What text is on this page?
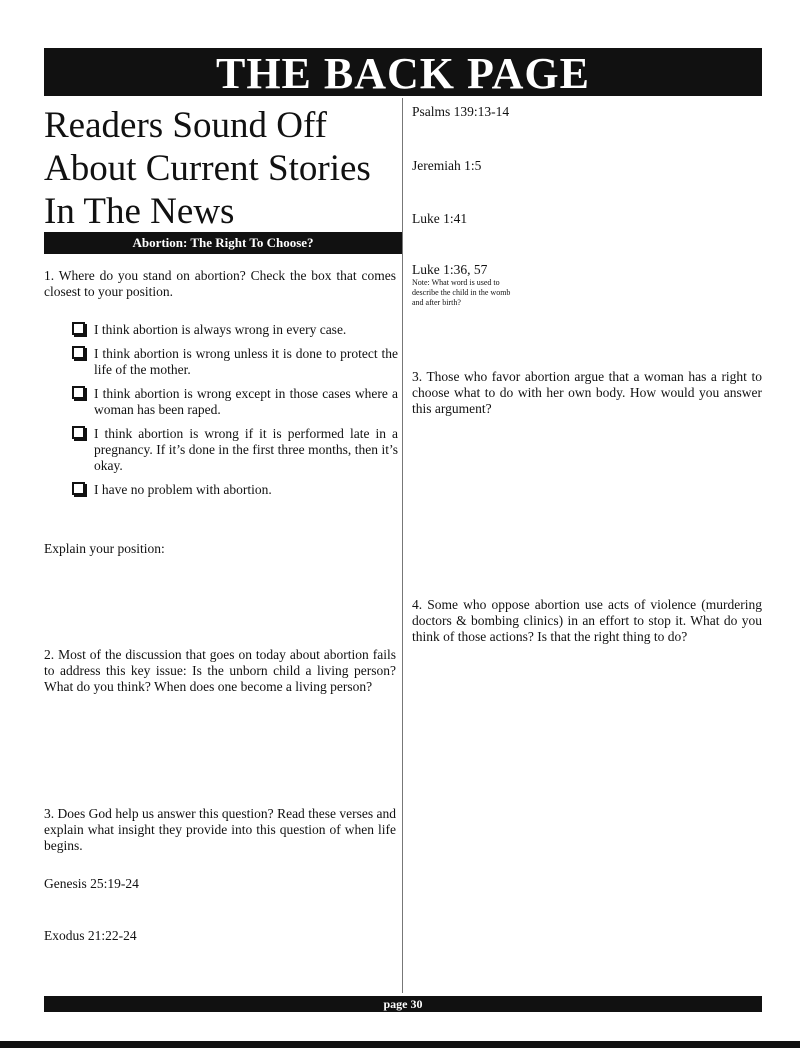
THE BACK PAGE
Readers Sound Off
About Current Stories
In The News
Abortion: The Right To Choose?
1. Where do you stand on abortion? Check the box that comes closest to your position.
I think abortion is always wrong in every case.
I think abortion is wrong unless it is done to protect the life of the mother.
I think abortion is wrong except in those cases where a woman has been raped.
I think abortion is wrong if it is performed late in a pregnancy. If it’s done in the first three months, then it’s okay.
I have no problem with abortion.
Explain your position:
2. Most of the discussion that goes on today about abortion fails to address this key issue: Is the unborn child a living person? What do you think? When does one become a living person?
3. Does God help us answer this question? Read these verses and explain what insight they provide into this question of when life begins.
Genesis 25:19-24
Exodus 21:22-24
Psalms 139:13-14
Jeremiah 1:5
Luke 1:41
Luke 1:36, 57
Note: What word is used to describe the child in the womb and after birth?
3. Those who favor abortion argue that a woman has a right to choose what to do with her own body. How would you answer this argument?
4. Some who oppose abortion use acts of violence (murdering doctors & bombing clinics) in an effort to stop it. What do you think of those actions? Is that the right thing to do?
page 30
